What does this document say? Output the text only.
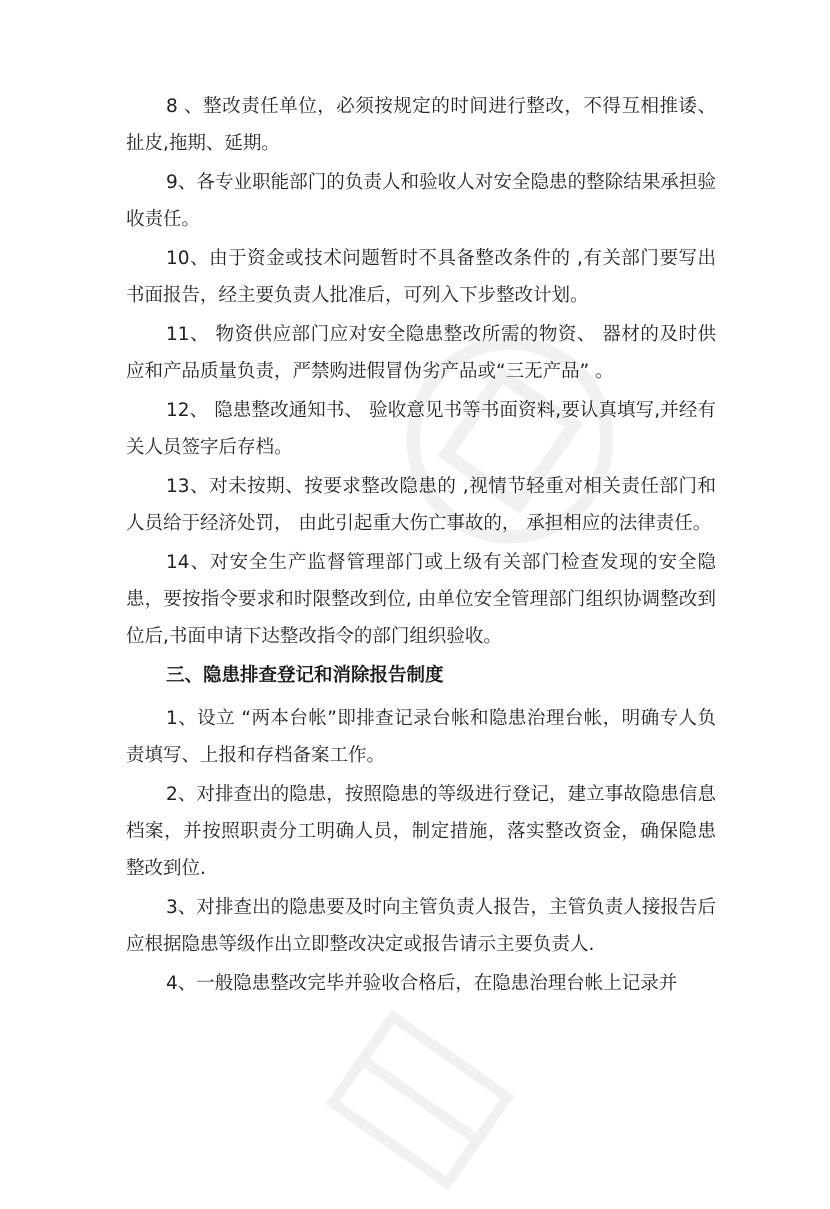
8 、整改责任单位，必须按规定的时间进行整改，不得互相推诿、扯皮,拖期、延期。

9、各专业职能部门的负责人和验收人对安全隐患的整除结果承担验收责任。

10、由于资金或技术问题暂时不具备整改条件的 ,有关部门要写出书面报告，经主要负责人批准后，可列入下步整改计划。

11、 物资供应部门应对安全隐患整改所需的物资、 器材的及时供应和产品质量负责，严禁购进假冒伪劣产品或“三无产品” 。

12、 隐患整改通知书、 验收意见书等书面资料,要认真填写,并经有关人员签字后存档。

13、对未按期、按要求整改隐患的 ,视情节轻重对相关责任部门和人员给于经济处罚， 由此引起重大伤亡事故的， 承担相应的法律责任。

14、对安全生产监督管理部门或上级有关部门检查发现的安全隐患，要按指令要求和时限整改到位, 由单位安全管理部门组织协调整改到位后,书面申请下达整改指令的部门组织验收。

三、隐患排查登记和消除报告制度

1、设立 “两本台帐”即排查记录台帐和隐患治理台帐，明确专人负责填写、上报和存档备案工作。

2、对排查出的隐患，按照隐患的等级进行登记，建立事故隐患信息档案，并按照职责分工明确人员，制定措施，落实整改资金，确保隐患整改到位.

3、对排查出的隐患要及时向主管负责人报告，主管负责人接报告后应根据隐患等级作出立即整改决定或报告请示主要负责人.

4、一般隐患整改完毕并验收合格后，在隐患治理台帐上记录并
